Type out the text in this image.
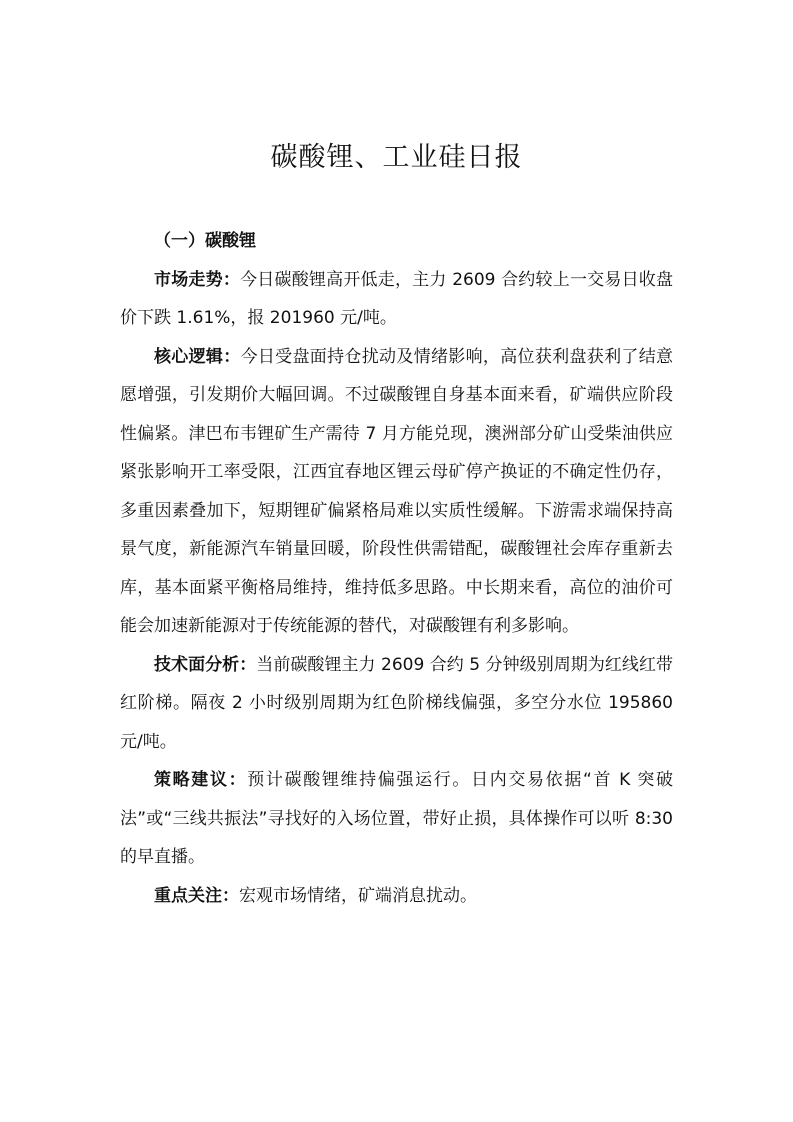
碳酸锂、工业硅日报

（一）碳酸锂

市场走势：今日碳酸锂高开低走，主力 2609 合约较上一交易日收盘价下跌 1.61%，报 201960 元/吨。

核心逻辑：今日受盘面持仓扰动及情绪影响，高位获利盘获利了结意愿增强，引发期价大幅回调。不过碳酸锂自身基本面来看，矿端供应阶段性偏紧。津巴布韦锂矿生产需待 7 月方能兑现，澳洲部分矿山受柴油供应紧张影响开工率受限，江西宜春地区锂云母矿停产换证的不确定性仍存，多重因素叠加下，短期锂矿偏紧格局难以实质性缓解。下游需求端保持高景气度，新能源汽车销量回暖，阶段性供需错配，碳酸锂社会库存重新去库，基本面紧平衡格局维持，维持低多思路。中长期来看，高位的油价可能会加速新能源对于传统能源的替代，对碳酸锂有利多影响。

技术面分析：当前碳酸锂主力 2609 合约 5 分钟级别周期为红线红带红阶梯。隔夜 2 小时级别周期为红色阶梯线偏强，多空分水位 195860 元/吨。

策略建议：预计碳酸锂维持偏强运行。日内交易依据“首 K 突破法”或“三线共振法”寻找好的入场位置，带好止损，具体操作可以听 8:30 的早直播。

重点关注：宏观市场情绪，矿端消息扰动。
